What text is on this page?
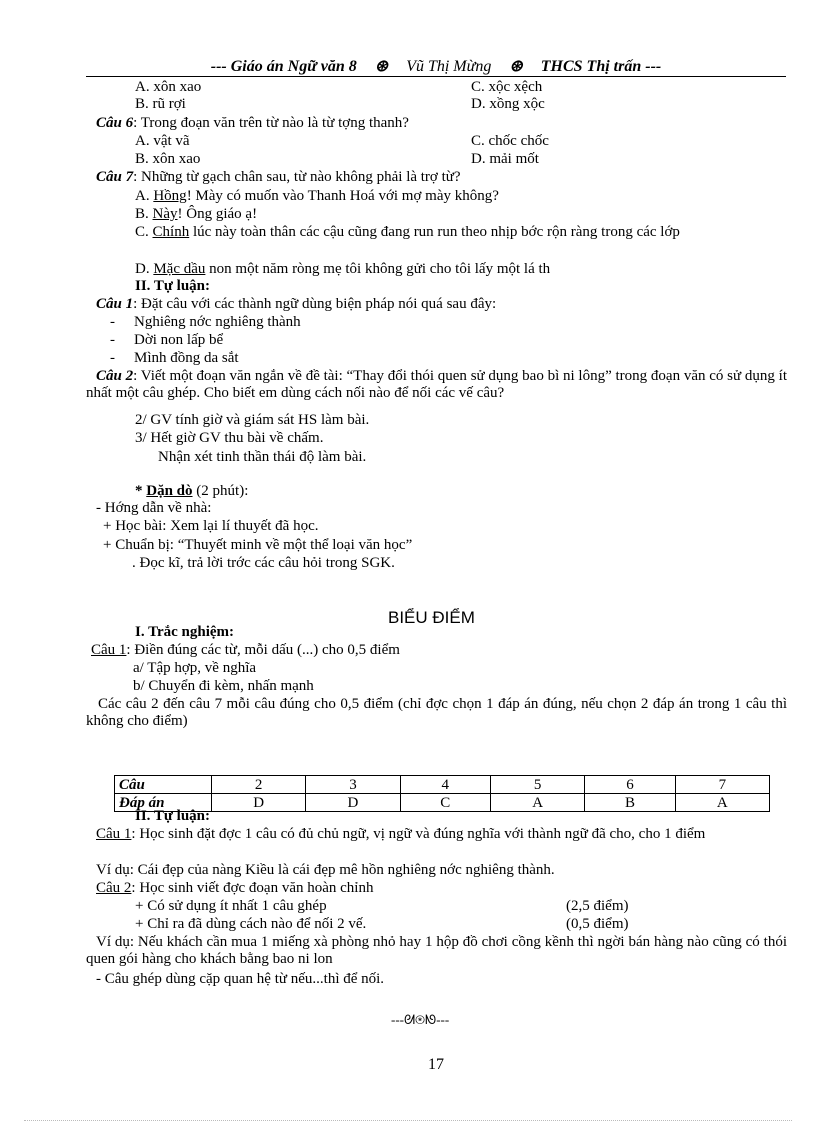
--- Giáo án Ngữ văn 8 ⊛ Vũ Thị Mừng ⊛ THCS Thị trấn ---
A. xôn xao	C. xộc xệch
B. rũ rợi	D. xồng xộc
Câu 6: Trong đoạn văn trên từ nào là từ tợng thanh?
A. vật vã	C. chốc chốc
B. xôn xao	D. mải mốt
Câu 7: Những từ gạch chân sau, từ nào không phải là trợ từ?
A. Hồng! Mày có muốn vào Thanh Hoá với mợ mày không?
B. Này! Ông giáo ạ!
C. Chính lúc này toàn thân các cậu cũng đang run run theo nhịp bớc rộn ràng trong các lớp
D. Mặc dầu non một năm ròng mẹ tôi không gửi cho tôi lấy một lá th
II. Tự luận:
Câu 1: Đặt câu với các thành ngữ dùng biện pháp nói quá sau đây:
- Nghiêng nớc nghiêng thành
- Dời non lấp bể
- Mình đồng da sắt
Câu 2: Viết một đoạn văn ngắn về đề tài: “Thay đổi thói quen sử dụng bao bì ni lông” trong đoạn văn có sử dụng ít nhất một câu ghép. Cho biết em dùng cách nối nào để nối các vế câu?
2/ GV tính giờ và giám sát HS làm bài.
3/ Hết giờ GV thu bài về chấm.
Nhận xét tinh thần thái độ làm bài.
* Dặn dò (2 phút):
- Hớng dẫn về nhà:
+ Học bài: Xem lại lí thuyết đã học.
+ Chuẩn bị: “Thuyết minh về một thể loại văn học”
. Đọc kĩ, trả lời trớc các câu hỏi trong SGK.
BIỂU ĐIỂM
I. Trắc nghiệm:
Câu 1: Điền đúng các từ, mỗi dấu (...) cho 0,5 điểm
a/ Tập hợp, về nghĩa
b/ Chuyển đi kèm, nhấn mạnh
Các câu 2 đến câu 7 mỗi câu đúng cho 0,5 điểm (chỉ đợc chọn 1 đáp án đúng, nếu chọn 2 đáp án trong 1 câu thì không cho điểm)
Câu	2	3	4	5	6	7
Đáp án	D	D	C	A	B	A
II. Tự luận:
Câu 1: Học sinh đặt đợc 1 câu có đủ chủ ngữ, vị ngữ và đúng nghĩa với thành ngữ đã cho, cho 1 điểm
Ví dụ: Cái đẹp của nàng Kiều là cái đẹp mê hồn nghiêng nớc nghiêng thành.
Câu 2: Học sinh viết đợc đoạn văn hoàn chỉnh
+ Có sử dụng ít nhất 1 câu ghép	(2,5 điểm)
+ Chỉ ra đã dùng cách nào để nối 2 vế.	(0,5 điểm)
Ví dụ: Nếu khách cần mua 1 miếng xà phòng nhỏ hay 1 hộp đồ chơi cồng kềnh thì ngời bán hàng nào cũng có thói quen gói hàng cho khách bằng bao ni lon
- Câu ghép dùng cặp quan hệ từ nếu...thì để nối.
---ᘛ⊛ᘚ---
17
